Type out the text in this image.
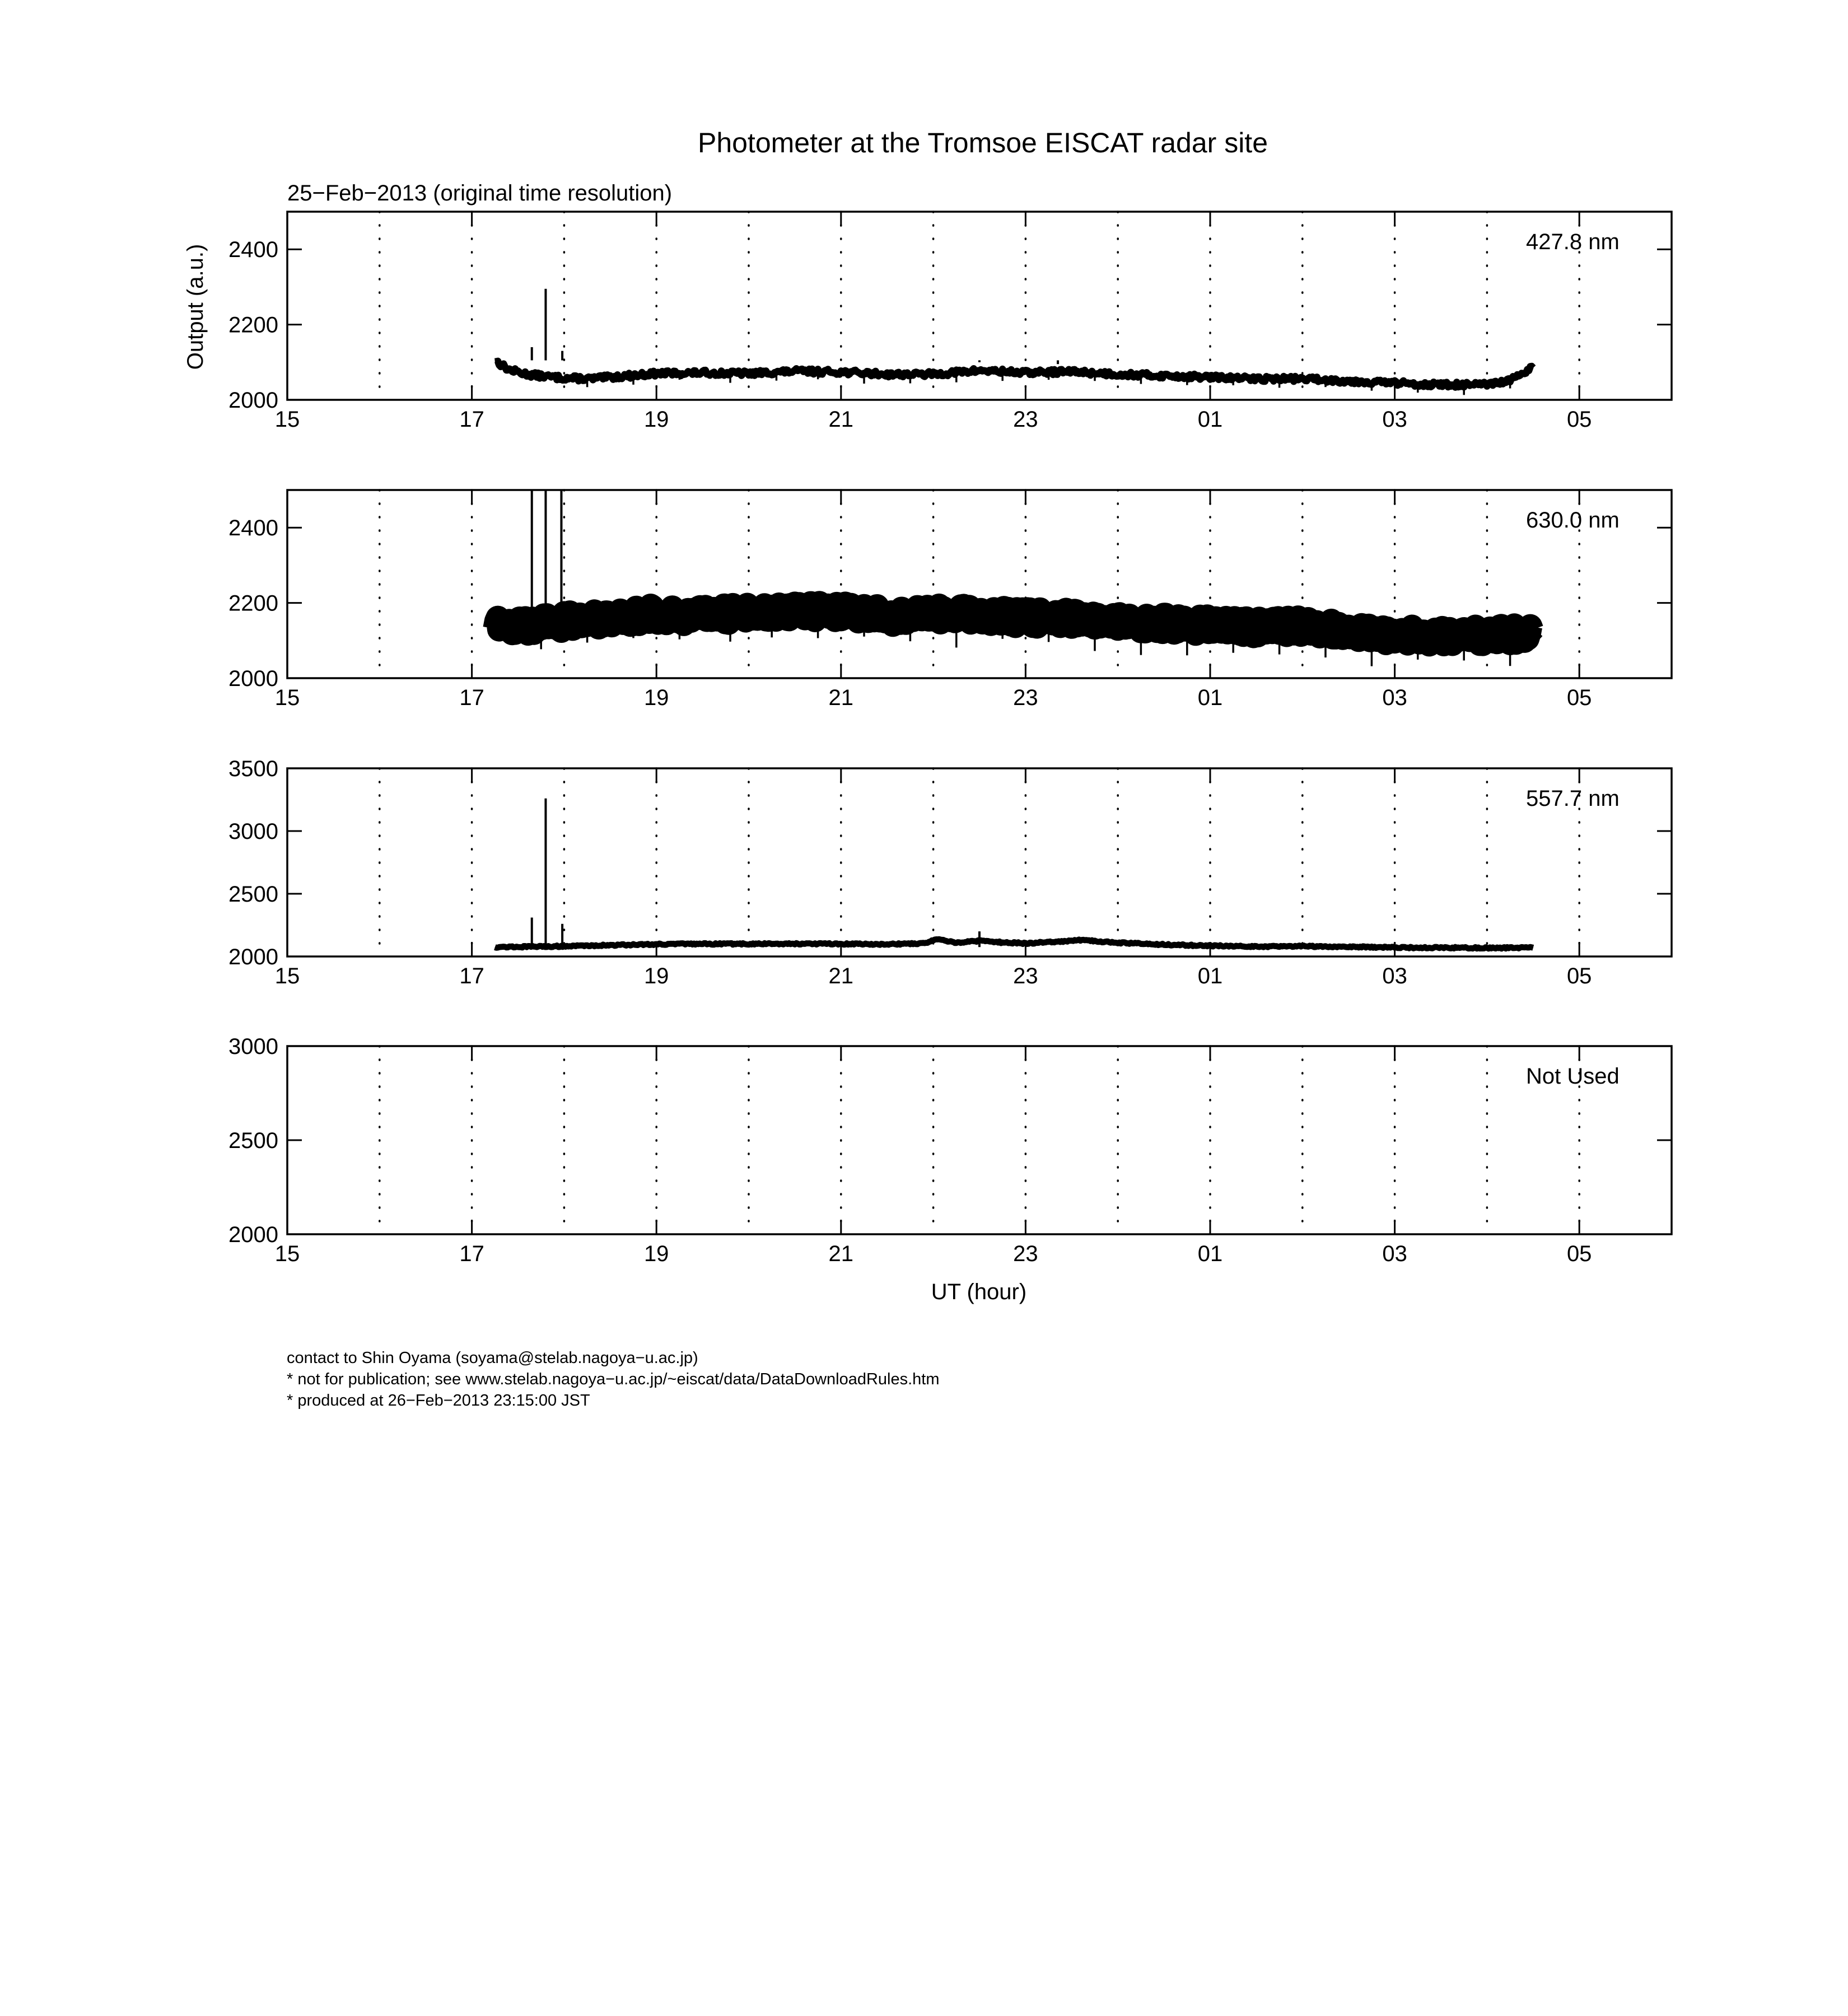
Photometer at the Tromsoe EISCAT radar site
25−Feb−2013 (original time resolution)
Output (a.u.)
UT (hour)
2000
2200
2400
15	17	19	21	23	01	03	05
427.8 nm
2000
2200
2400
15	17	19	21	23	01	03	05
630.0 nm
2000
2500
3000
3500
15	17	19	21	23	01	03	05
557.7 nm
2000
2500
3000
15	17	19	21	23	01	03	05
Not Used
contact to Shin Oyama (soyama@stelab.nagoya−u.ac.jp)
* not for publication; see www.stelab.nagoya−u.ac.jp/~eiscat/data/DataDownloadRules.htm
* produced at 26−Feb−2013 23:15:00 JST
